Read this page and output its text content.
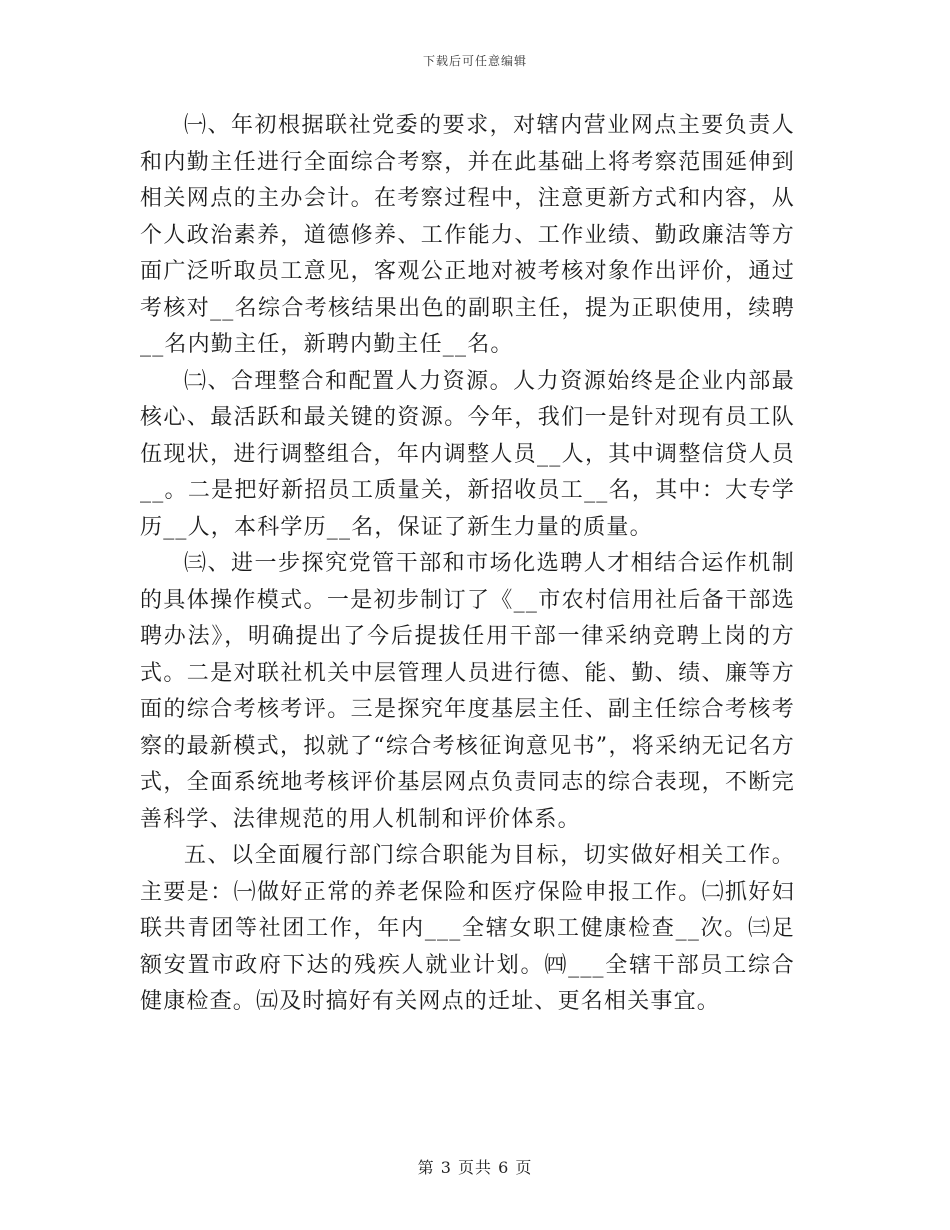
下载后可任意编辑

㈠、年初根据联社党委的要求，对辖内营业网点主要负责人和内勤主任进行全面综合考察，并在此基础上将考察范围延伸到相关网点的主办会计。在考察过程中，注意更新方式和内容，从个人政治素养，道德修养、工作能力、工作业绩、勤政廉洁等方面广泛听取员工意见，客观公正地对被考核对象作出评价，通过考核对__名综合考核结果出色的副职主任，提为正职使用，续聘__名内勤主任，新聘内勤主任__名。

㈡、合理整合和配置人力资源。人力资源始终是企业内部最核心、最活跃和最关键的资源。今年，我们一是针对现有员工队伍现状，进行调整组合，年内调整人员__人，其中调整信贷人员__。二是把好新招员工质量关，新招收员工__名，其中：大专学历__人，本科学历__名，保证了新生力量的质量。

㈢、进一步探究党管干部和市场化选聘人才相结合运作机制的具体操作模式。一是初步制订了《__市农村信用社后备干部选聘办法》，明确提出了今后提拔任用干部一律采纳竞聘上岗的方式。二是对联社机关中层管理人员进行德、能、勤、绩、廉等方面的综合考核考评。三是探究年度基层主任、副主任综合考核考察的最新模式，拟就了“综合考核征询意见书”，将采纳无记名方式，全面系统地考核评价基层网点负责同志的综合表现，不断完善科学、法律规范的用人机制和评价体系。

五、以全面履行部门综合职能为目标，切实做好相关工作。主要是：㈠做好正常的养老保险和医疗保险申报工作。㈡抓好妇联共青团等社团工作，年内___全辖女职工健康检查__次。㈢足额安置市政府下达的残疾人就业计划。㈣___全辖干部员工综合健康检查。㈤及时搞好有关网点的迁址、更名相关事宜。

第 3 页共 6 页
